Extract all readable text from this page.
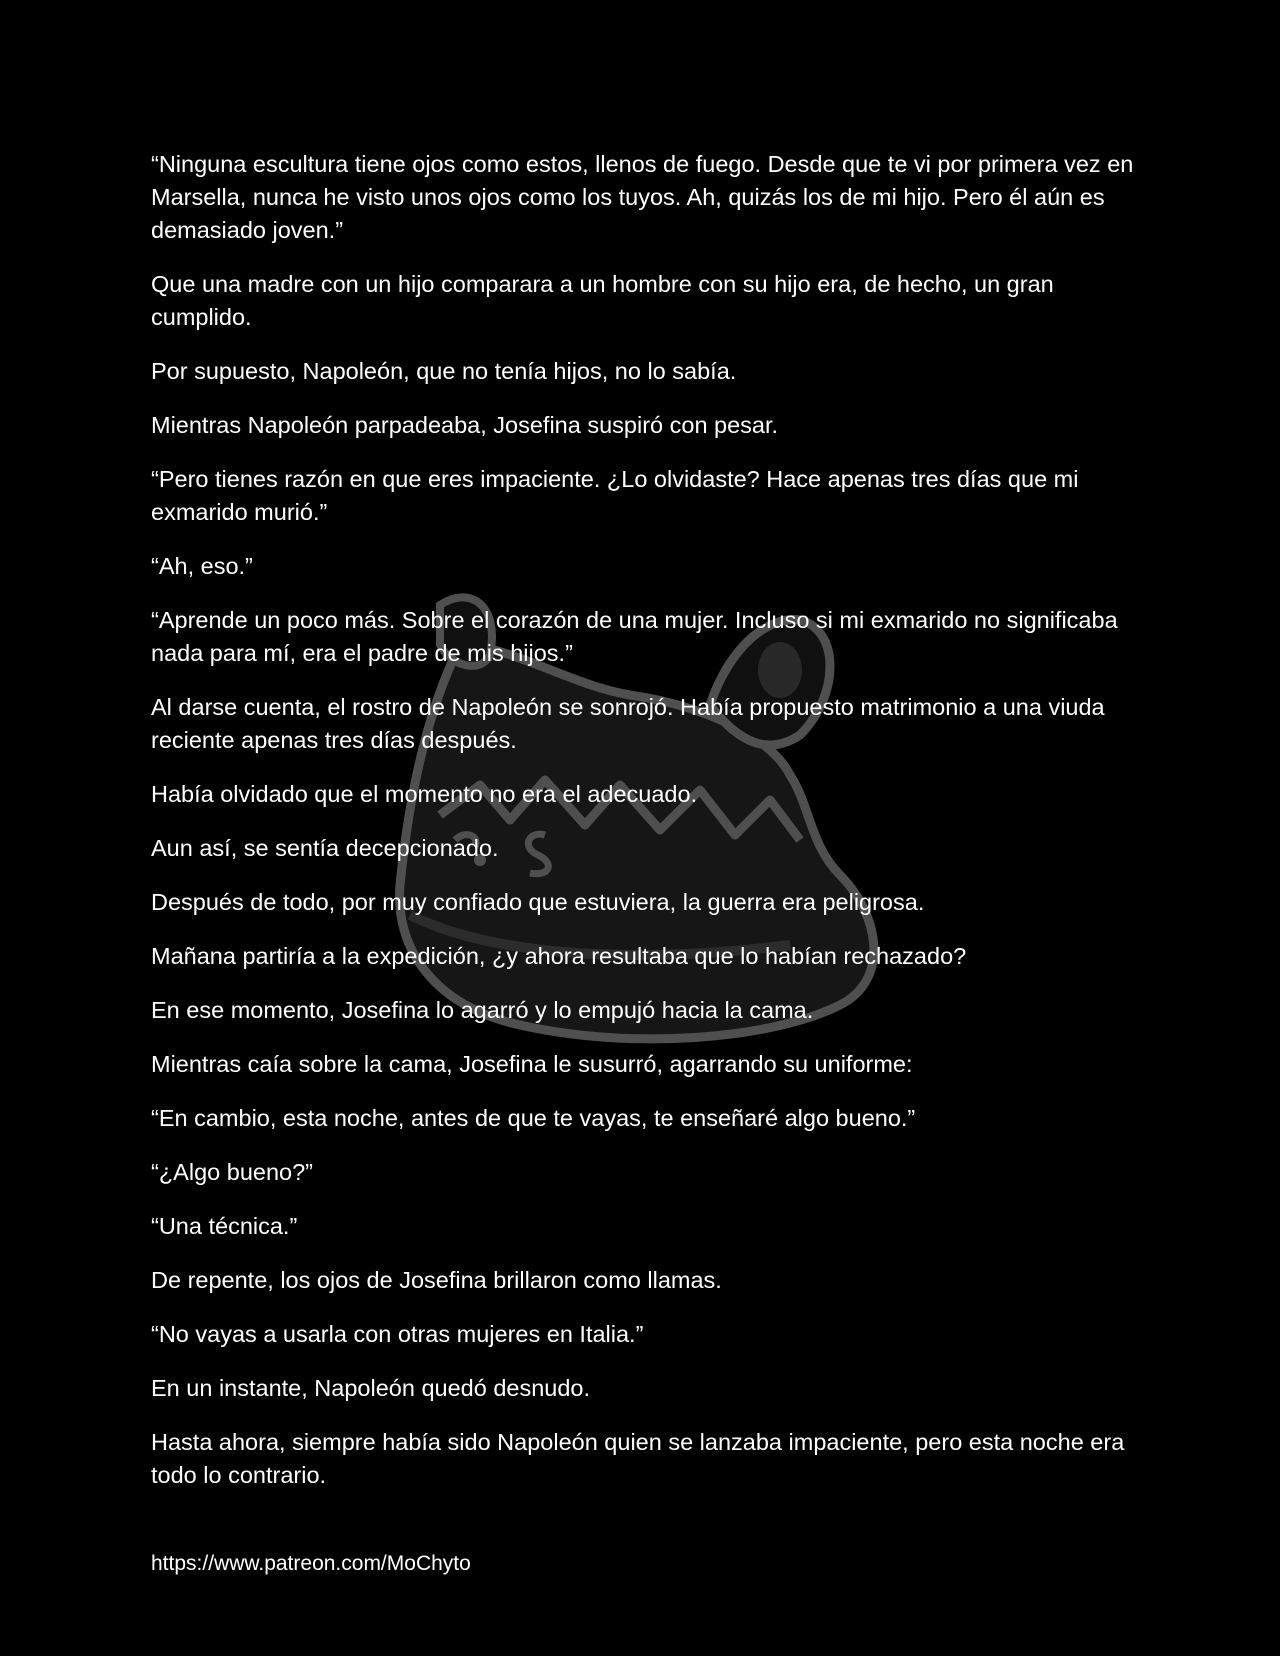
“Ninguna escultura tiene ojos como estos, llenos de fuego. Desde que te vi por primera vez en Marsella, nunca he visto unos ojos como los tuyos. Ah, quizás los de mi hijo. Pero él aún es demasiado joven.”

Que una madre con un hijo comparara a un hombre con su hijo era, de hecho, un gran cumplido.

Por supuesto, Napoleón, que no tenía hijos, no lo sabía.

Mientras Napoleón parpadeaba, Josefina suspiró con pesar.

“Pero tienes razón en que eres impaciente. ¿Lo olvidaste? Hace apenas tres días que mi exmarido murió.”

“Ah, eso.”

“Aprende un poco más. Sobre el corazón de una mujer. Incluso si mi exmarido no significaba nada para mí, era el padre de mis hijos.”

Al darse cuenta, el rostro de Napoleón se sonrojó. Había propuesto matrimonio a una viuda reciente apenas tres días después.

Había olvidado que el momento no era el adecuado.

Aun así, se sentía decepcionado.

Después de todo, por muy confiado que estuviera, la guerra era peligrosa.

Mañana partiría a la expedición, ¿y ahora resultaba que lo habían rechazado?

En ese momento, Josefina lo agarró y lo empujó hacia la cama.

Mientras caía sobre la cama, Josefina le susurró, agarrando su uniforme:

“En cambio, esta noche, antes de que te vayas, te enseñaré algo bueno.”

“¿Algo bueno?”

“Una técnica.”

De repente, los ojos de Josefina brillaron como llamas.

“No vayas a usarla con otras mujeres en Italia.”

En un instante, Napoleón quedó desnudo.

Hasta ahora, siempre había sido Napoleón quien se lanzaba impaciente, pero esta noche era todo lo contrario.

https://www.patreon.com/MoChyto
